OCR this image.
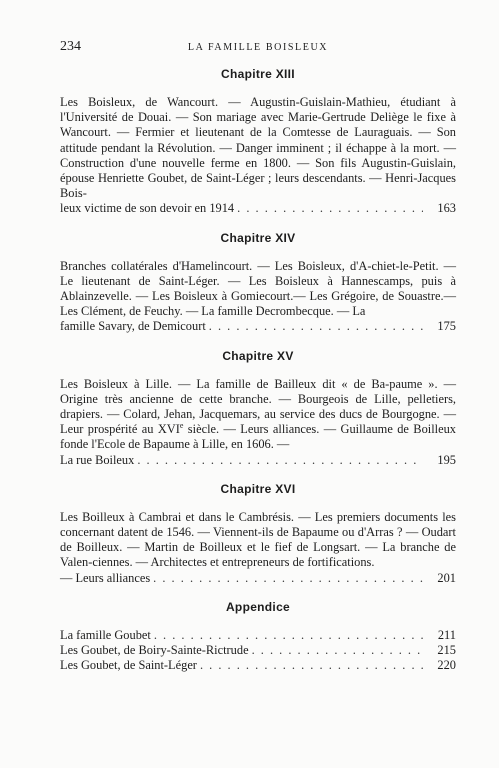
234	LA FAMILLE BOISLEUX
Chapitre XIII
Les Boisleux, de Wancourt. — Augustin-Guislain-Mathieu, étudiant à l'Université de Douai. — Son mariage avec Marie-Gertrude Deliège le fixe à Wancourt. — Fermier et lieutenant de la Comtesse de Lauraguais. — Son attitude pendant la Révolution. — Danger imminent ; il échappe à la mort. — Construction d'une nouvelle ferme en 1800. — Son fils Augustin-Guislain, épouse Henriette Goubet, de Saint-Léger ; leurs descendants. — Henri-Jacques Bois-
leux victime de son devoir en 1914 . . .	163
Chapitre XIV
Branches collatérales d'Hamelincourt. — Les Boisleux, d'A-chiet-le-Petit. — Le lieutenant de Saint-Léger. — Les Boisleux à Hannescamps, puis à Ablainzevelle. — Les Boisleux à Gomiecourt.— Les Grégoire, de Souastre.— Les Clément, de Feuchy. — La famille Decrombecque. — La
famille Savary, de Demicourt . . .	175
Chapitre XV
Les Boisleux à Lille. — La famille de Bailleux dit « de Ba-paume ». — Origine très ancienne de cette branche. — Bourgeois de Lille, pelletiers, drapiers. — Colard, Jehan, Jacquemars, au service des ducs de Bourgogne. — Leur prospérité au XVIe siècle. — Leurs alliances. — Guillaume de Boilleux fonde l'Ecole de Bapaume à Lille, en 1606. —
La rue Boileux . . .	195
Chapitre XVI
Les Boilleux à Cambrai et dans le Cambrésis. — Les premiers documents les concernant datent de 1546. — Viennent-ils de Bapaume ou d'Arras ? — Oudart de Boilleux. — Martin de Boilleux et le fief de Longsart. — La branche de Valen-ciennes. — Architectes et entrepreneurs de fortifications.
— Leurs alliances . . .	201
Appendice
La famille Goubet . . .	211
Les Goubet, de Boiry-Sainte-Rictrude . . .	215
Les Goubet, de Saint-Léger . . .	220
